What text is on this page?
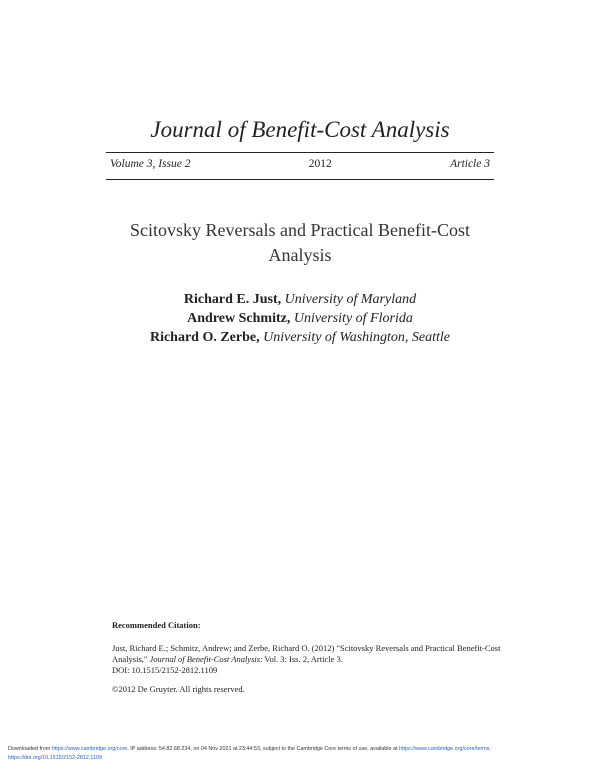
Journal of Benefit-Cost Analysis
Volume 3, Issue 2	2012	Article 3
Scitovsky Reversals and Practical Benefit-Cost Analysis
Richard E. Just, University of Maryland
Andrew Schmitz, University of Florida
Richard O. Zerbe, University of Washington, Seattle
Recommended Citation:
Just, Richard E.; Schmitz, Andrew; and Zerbe, Richard O. (2012) "Scitovsky Reversals and Practical Benefit-Cost Analysis," Journal of Benefit-Cost Analysis: Vol. 3: Iss. 2, Article 3.
DOI: 10.1515/2152-2812.1109
©2012 De Gruyter. All rights reserved.
Downloaded from https://www.cambridge.org/core. IP address: 54.82.68.234, on 04 Nov 2021 at 23:44:53, subject to the Cambridge Core terms of use, available at https://www.cambridge.org/core/terms.
https://doi.org/10.1515/2152-2812.1109
